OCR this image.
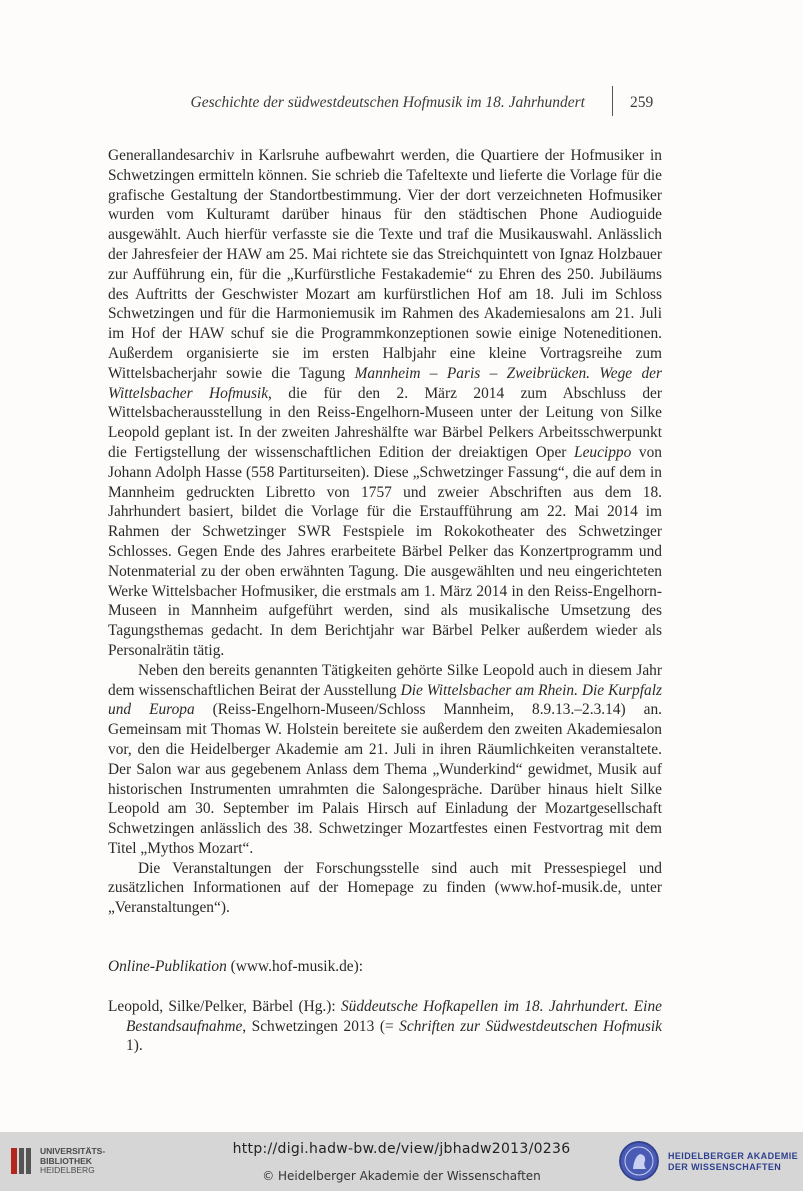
Geschichte der südwestdeutschen Hofmusik im 18. Jahrhundert	259

Generallandesarchiv in Karlsruhe aufbewahrt werden, die Quartiere der Hofmusiker in Schwetzingen ermitteln können. Sie schrieb die Tafeltexte und lieferte die Vorlage für die grafische Gestaltung der Standortbestimmung. Vier der dort verzeichneten Hofmusiker wurden vom Kulturamt darüber hinaus für den städtischen Phone Audioguide ausgewählt. Auch hierfür verfasste sie die Texte und traf die Musikauswahl. Anlässlich der Jahresfeier der HAW am 25. Mai richtete sie das Streichquintett von Ignaz Holzbauer zur Aufführung ein, für die „Kurfürstliche Festakademie“ zu Ehren des 250. Jubiläums des Auftritts der Geschwister Mozart am kurfürstlichen Hof am 18. Juli im Schloss Schwetzingen und für die Harmoniemusik im Rahmen des Akademiesalons am 21. Juli im Hof der HAW schuf sie die Programmkonzeptionen sowie einige Noteneditionen. Außerdem organisierte sie im ersten Halbjahr eine kleine Vortragsreihe zum Wittelsbacherjahr sowie die Tagung Mannheim – Paris – Zweibrücken. Wege der Wittelsbacher Hofmusik, die für den 2. März 2014 zum Abschluss der Wittelsbacherausstellung in den Reiss-Engelhorn-Museen unter der Leitung von Silke Leopold geplant ist. In der zweiten Jahreshälfte war Bärbel Pelkers Arbeitsschwerpunkt die Fertigstellung der wissenschaftlichen Edition der dreiaktigen Oper Leucippo von Johann Adolph Hasse (558 Partiturseiten). Diese „Schwetzinger Fassung“, die auf dem in Mannheim gedruckten Libretto von 1757 und zweier Abschriften aus dem 18. Jahrhundert basiert, bildet die Vorlage für die Erstaufführung am 22. Mai 2014 im Rahmen der Schwetzinger SWR Festspiele im Rokokotheater des Schwetzinger Schlosses. Gegen Ende des Jahres erarbeitete Bärbel Pelker das Konzertprogramm und Notenmaterial zu der oben erwähnten Tagung. Die ausgewählten und neu eingerichteten Werke Wittelsbacher Hofmusiker, die erstmals am 1. März 2014 in den Reiss-Engelhorn-Museen in Mannheim aufgeführt werden, sind als musikalische Umsetzung des Tagungsthemas gedacht. In dem Berichtjahr war Bärbel Pelker außerdem wieder als Personalrätin tätig.

Neben den bereits genannten Tätigkeiten gehörte Silke Leopold auch in diesem Jahr dem wissenschaftlichen Beirat der Ausstellung Die Wittelsbacher am Rhein. Die Kurpfalz und Europa (Reiss-Engelhorn-Museen/Schloss Mannheim, 8.9.13.–2.3.14) an. Gemeinsam mit Thomas W. Holstein bereitete sie außerdem den zweiten Akademiesalon vor, den die Heidelberger Akademie am 21. Juli in ihren Räumlichkeiten veranstaltete. Der Salon war aus gegebenem Anlass dem Thema „Wunderkind“ gewidmet, Musik auf historischen Instrumenten umrahmten die Salongespräche. Darüber hinaus hielt Silke Leopold am 30. September im Palais Hirsch auf Einladung der Mozartgesellschaft Schwetzingen anlässlich des 38. Schwetzinger Mozartfestes einen Festvortrag mit dem Titel „Mythos Mozart“.

Die Veranstaltungen der Forschungsstelle sind auch mit Pressespiegel und zusätzlichen Informationen auf der Homepage zu finden (www.hof-musik.de, unter „Veranstaltungen“).

Online-Publikation (www.hof-musik.de):

Leopold, Silke/Pelker, Bärbel (Hg.): Süddeutsche Hofkapellen im 18. Jahrhundert. Eine Bestandsaufnahme, Schwetzingen 2013 (= Schriften zur Südwestdeutschen Hofmusik 1).

UNIVERSITÄTS-
BIBLIOTHEK
HEIDELBERG
http://digi.hadw-bw.de/view/jbhadw2013/0236
© Heidelberger Akademie der Wissenschaften
HEIDELBERGER AKADEMIE
DER WISSENSCHAFTEN
